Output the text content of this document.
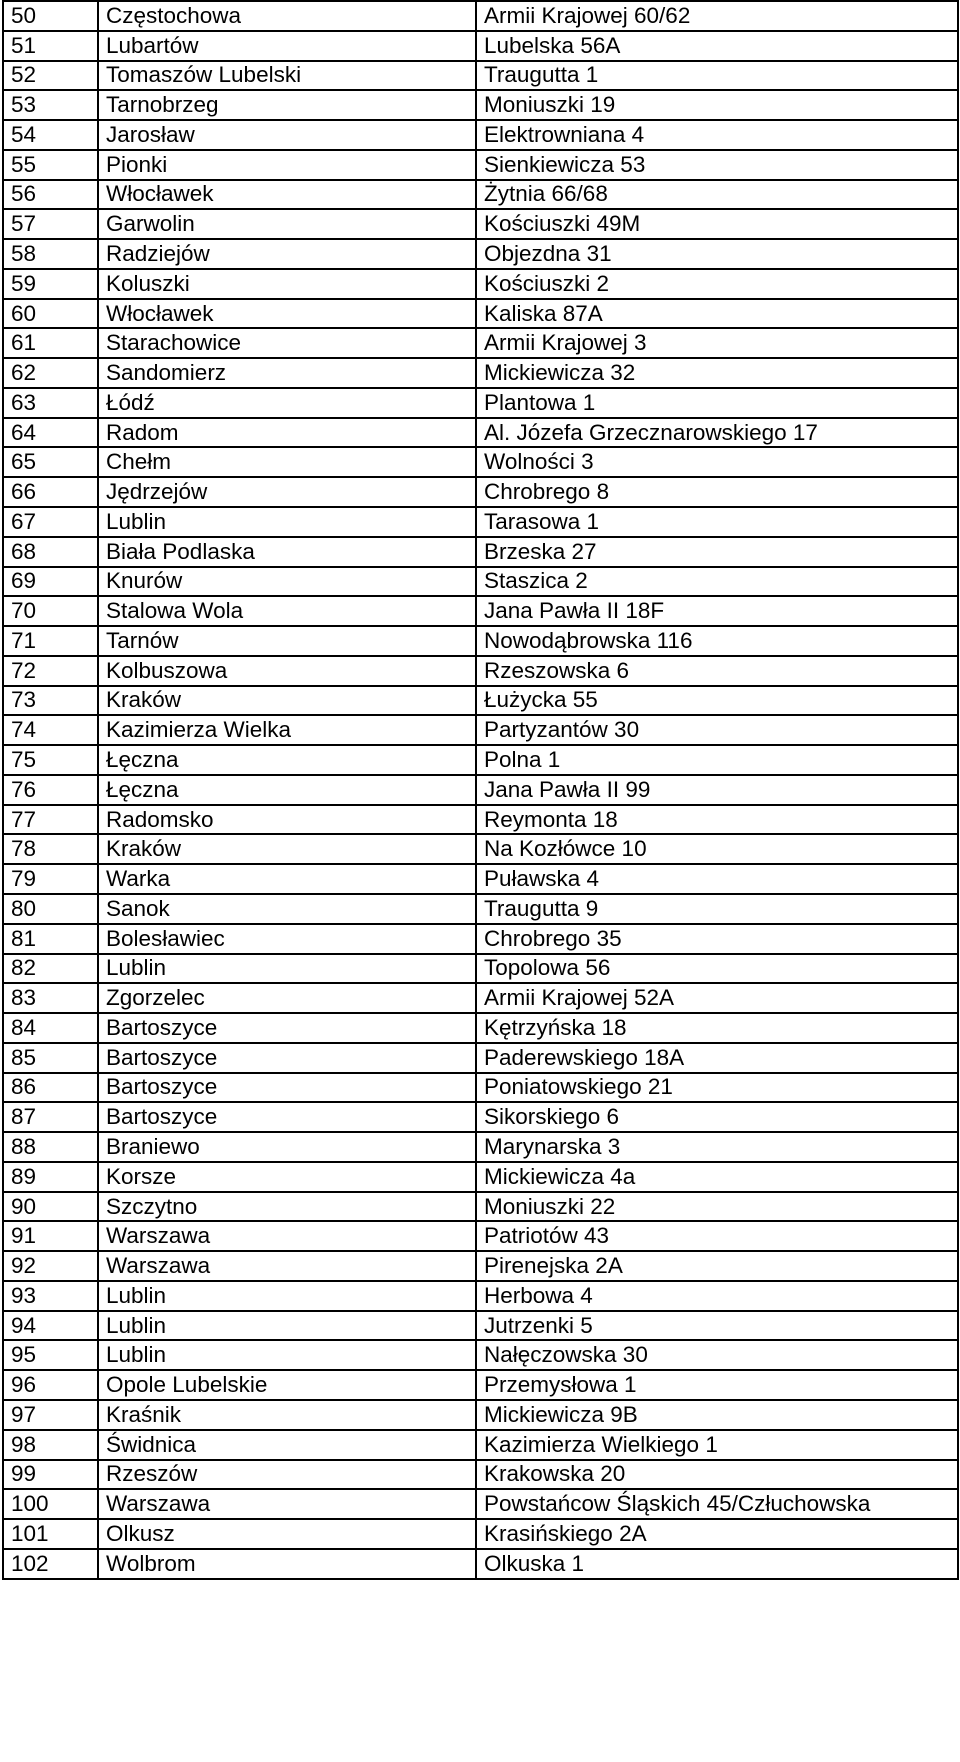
50	Częstochowa	Armii Krajowej 60/62
51	Lubartów	Lubelska 56A
52	Tomaszów Lubelski	Traugutta 1
53	Tarnobrzeg	Moniuszki 19
54	Jarosław	Elektrowniana 4
55	Pionki	Sienkiewicza 53
56	Włocławek	Żytnia 66/68
57	Garwolin	Kościuszki 49M
58	Radziejów	Objezdna 31
59	Koluszki	Kościuszki 2
60	Włocławek	Kaliska 87A
61	Starachowice	Armii Krajowej 3
62	Sandomierz	Mickiewicza 32
63	Łódź	Plantowa 1
64	Radom	Al. Józefa Grzecznarowskiego 17
65	Chełm	Wolności 3
66	Jędrzejów	Chrobrego 8
67	Lublin	Tarasowa 1
68	Biała Podlaska	Brzeska 27
69	Knurów	Staszica 2
70	Stalowa Wola	Jana Pawła II 18F
71	Tarnów	Nowodąbrowska 116
72	Kolbuszowa	Rzeszowska 6
73	Kraków	Łużycka 55
74	Kazimierza Wielka	Partyzantów 30
75	Łęczna	Polna 1
76	Łęczna	Jana Pawła II 99
77	Radomsko	Reymonta 18
78	Kraków	Na Kozłówce 10
79	Warka	Puławska 4
80	Sanok	Traugutta 9
81	Bolesławiec	Chrobrego 35
82	Lublin	Topolowa 56
83	Zgorzelec	Armii Krajowej 52A
84	Bartoszyce	Kętrzyńska 18
85	Bartoszyce	Paderewskiego 18A
86	Bartoszyce	Poniatowskiego 21
87	Bartoszyce	Sikorskiego 6
88	Braniewo	Marynarska 3
89	Korsze	Mickiewicza 4a
90	Szczytno	Moniuszki 22
91	Warszawa	Patriotów 43
92	Warszawa	Pirenejska 2A
93	Lublin	Herbowa 4
94	Lublin	Jutrzenki 5
95	Lublin	Nałęczowska 30
96	Opole Lubelskie	Przemysłowa 1
97	Kraśnik	Mickiewicza 9B
98	Świdnica	Kazimierza Wielkiego 1
99	Rzeszów	Krakowska 20
100	Warszawa	Powstańcow Śląskich 45/Człuchowska
101	Olkusz	Krasińskiego 2A
102	Wolbrom	Olkuska 1
